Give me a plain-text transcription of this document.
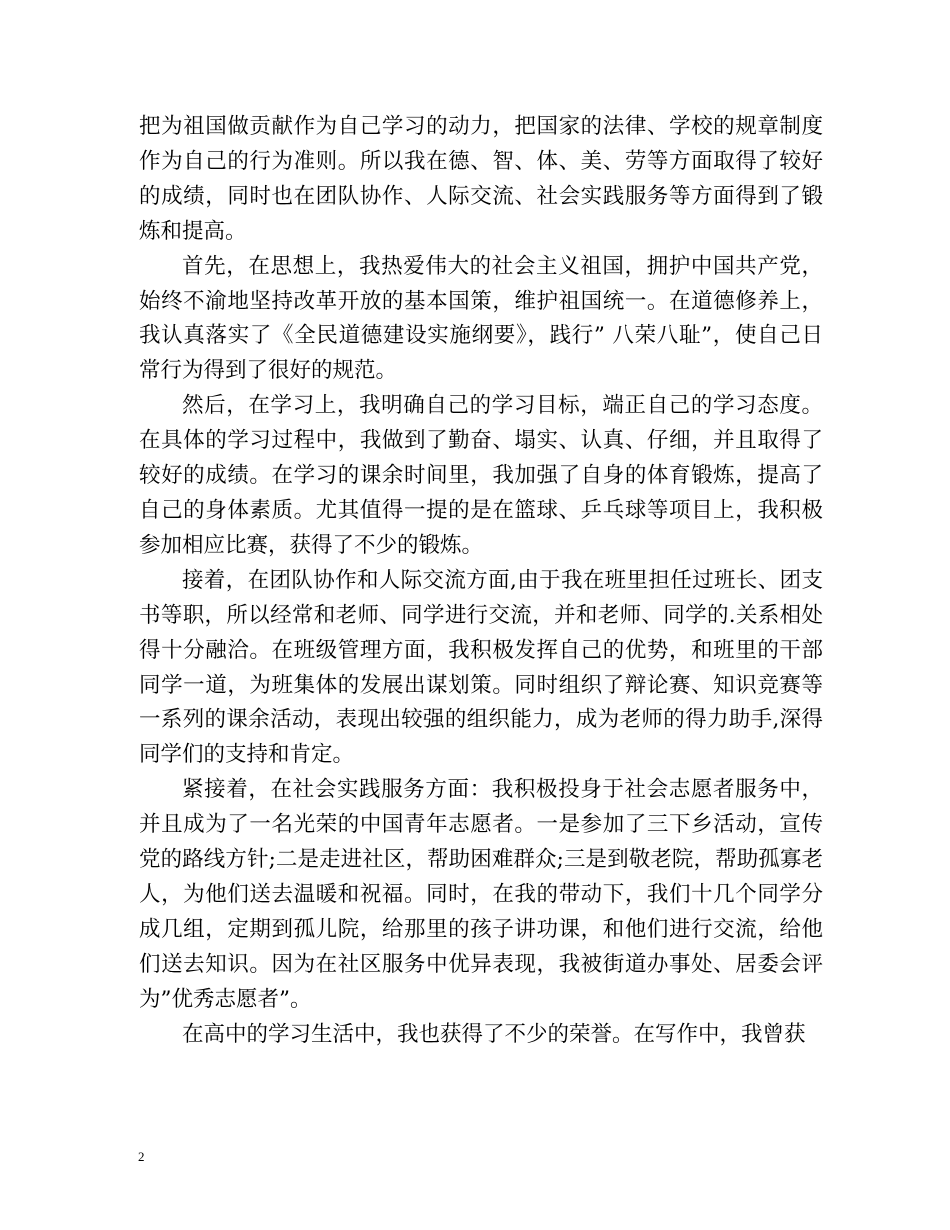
把为祖国做贡献作为自己学习的动力，把国家的法律、学校的规章制度作为自己的行为准则。所以我在德、智、体、美、劳等方面取得了较好的成绩，同时也在团队协作、人际交流、社会实践服务等方面得到了锻炼和提高。

首先，在思想上，我热爱伟大的社会主义祖国，拥护中国共产党，始终不渝地坚持改革开放的基本国策，维护祖国统一。在道德修养上，我认真落实了《全民道德建设实施纲要》，践行” 八荣八耻”，使自己日常行为得到了很好的规范。

然后，在学习上，我明确自己的学习目标，端正自己的学习态度。在具体的学习过程中，我做到了勤奋、塌实、认真、仔细，并且取得了较好的成绩。在学习的课余时间里，我加强了自身的体育锻炼，提高了自己的身体素质。尤其值得一提的是在篮球、乒乓球等项目上，我积极参加相应比赛，获得了不少的锻炼。

接着，在团队协作和人际交流方面,由于我在班里担任过班长、团支书等职，所以经常和老师、同学进行交流，并和老师、同学的.关系相处得十分融洽。在班级管理方面，我积极发挥自己的优势，和班里的干部同学一道，为班集体的发展出谋划策。同时组织了辩论赛、知识竞赛等一系列的课余活动，表现出较强的组织能力，成为老师的得力助手,深得同学们的支持和肯定。

紧接着，在社会实践服务方面：我积极投身于社会志愿者服务中，并且成为了一名光荣的中国青年志愿者。一是参加了三下乡活动，宣传党的路线方针;二是走进社区，帮助困难群众;三是到敬老院，帮助孤寡老人，为他们送去温暖和祝福。同时，在我的带动下，我们十几个同学分成几组，定期到孤儿院，给那里的孩子讲功课，和他们进行交流，给他们送去知识。因为在社区服务中优异表现，我被街道办事处、居委会评为”优秀志愿者”。

在高中的学习生活中，我也获得了不少的荣誉。在写作中，我曾获

2
